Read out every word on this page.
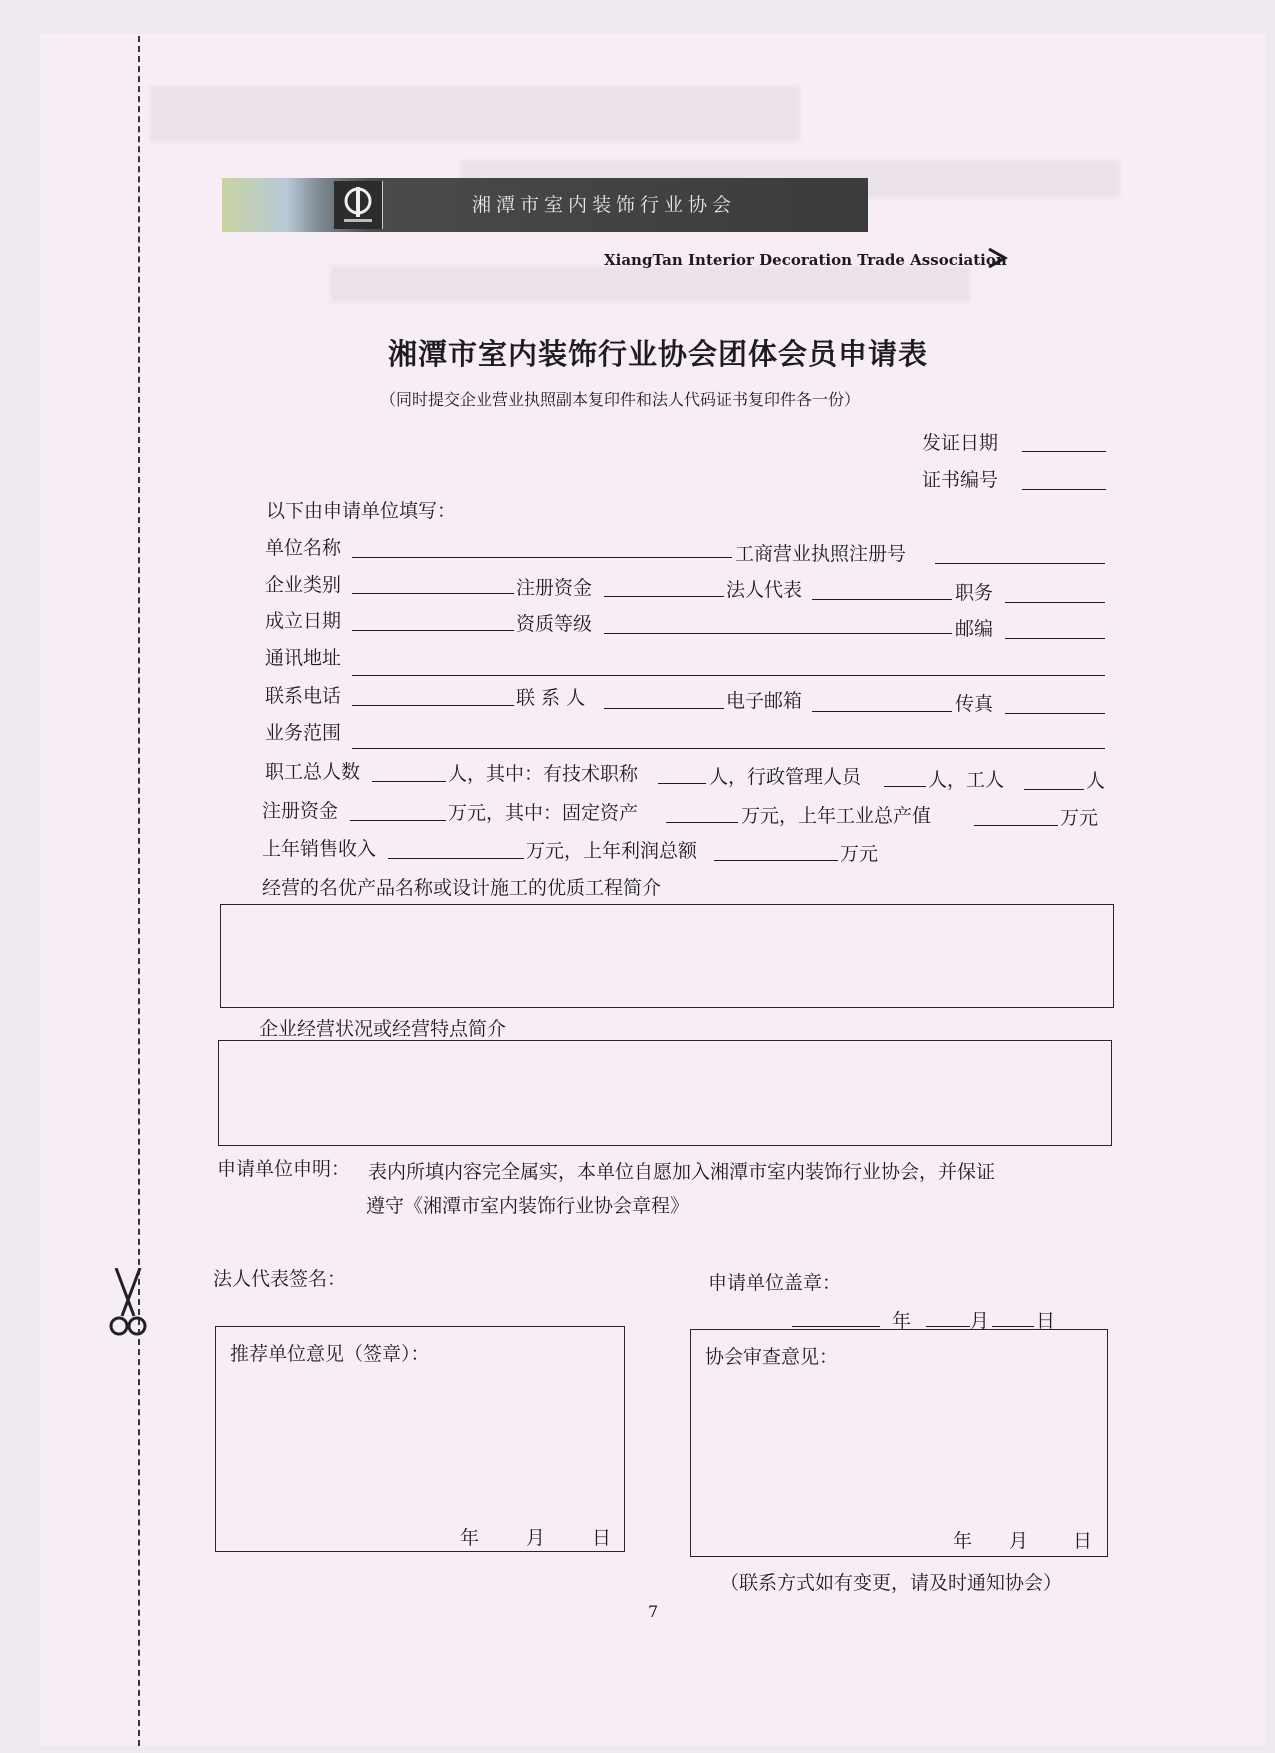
湘潭市室内装饰行业协会
XiangTan Interior Decoration Trade Association
湘潭市室内装饰行业协会团体会员申请表
（同时提交企业营业执照副本复印件和法人代码证书复印件各一份）
发证日期
证书编号
以下由申请单位填写：
单位名称	工商营业执照注册号
企业类别	注册资金	法人代表	职务
成立日期	资质等级	邮编
通讯地址
联系电话	联 系 人	电子邮箱	传真
业务范围
职工总人数	人，其中：有技术职称	人，行政管理人员	人，工人	人
注册资金	万元，其中：固定资产	万元，上年工业总产值	万元
上年销售收入	万元，上年利润总额	万元
经营的名优产品名称或设计施工的优质工程简介
企业经营状况或经营特点简介
申请单位申明： 表内所填内容完全属实，本单位自愿加入湘潭市室内装饰行业协会，并保证
遵守《湘潭市室内装饰行业协会章程》
法人代表签名：	申请单位盖章：
年	月 日
推荐单位意见（签章）：
年 月 日
协会审查意见：
年 月 日
（联系方式如有变更，请及时通知协会）
7
